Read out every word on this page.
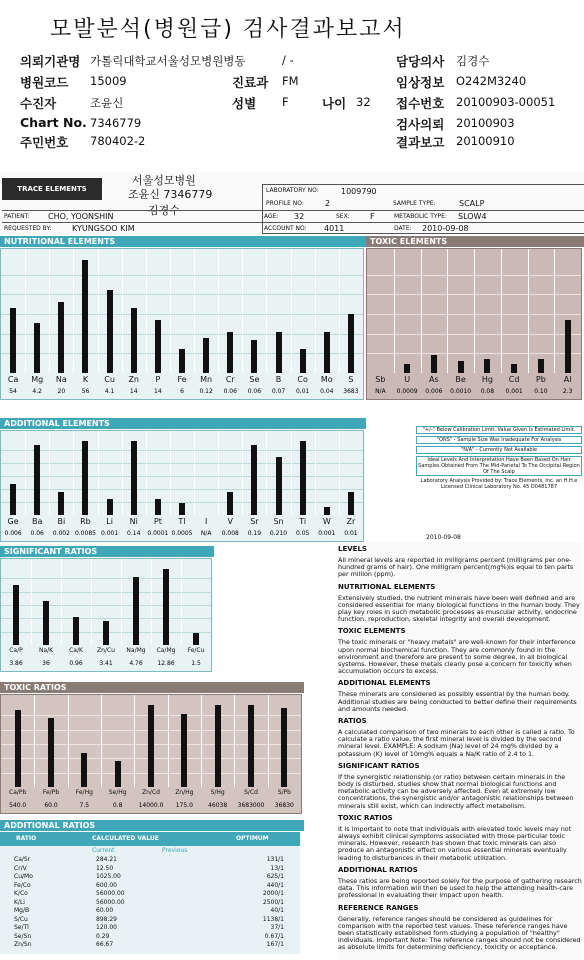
모발분석(병원급) 검사결과보고서
의뢰기관명 가톨릭대학교서울성모병원병동	/ -	담당의사 김경수
병원코드 15009	진료과 FM	임상정보 O242M3240
수진자	조윤신	성별 F	나이 32 접수번호 20100903-00051
Chart No. 7346779	검사의뢰 20100903
주민번호 780402-2	결과보고 20100910
TRACE ELEMENTS
서울성모병원
조윤신 7346779
김경수
LABORATORY NO:	1009790
PROFILE NO:	2	SAMPLE TYPE:	SCALP
PATIENT: CHO, YOONSHIN	AGE: 32	SEX:	F	METABOLIC TYPE: SLOW4
REQUESTED BY:	KYUNGSOO KIM	ACCOUNT NO: 4011	DATE: 2010-09-08
NUTRITIONAL ELEMENTS
Ca
54
Mg
4.2
Na
20
K
56
Cu
4.1
Zn
14
P
14
Fe
6
Mn
0.12
Cr
0.06
Se
0.06
B
0.07
Co
0.01
Mo
0.04
S
3683
TOXIC ELEMENTS
Sb
N/A
U
0.0009
As
0.006
Be
0.0010
Hg
0.08
Cd
0.001
Pb
0.10
Al
2.3
ADDITIONAL ELEMENTS
Ge
0.006
Ba
0.06
Bi
0.002
Rb
0.0085
Li
0.001
Ni
0.14
Pt
0.0001
Tl
0.0005
I
N/A
V
0.008
Sr
0.19
Sn
0.210
Ti
0.05
W
0.001
Zr
0.01
"+/-" Below Calibration Limit. Value Given Is Estimated Limit.
"QNS" - Sample Size Was Inadequate For Analysis
"N/A" - Currently Not Available
Ideal Levels And Interpretation Have Been Based On Hair Samples Obtained From The Mid-Parietal To The Occipital Region Of The Scalp
Laboratory Analysis Provided by: Trace Elements, Inc. an H.H.e Licensed Clinical Laboratory No. 45 D0481787
2010-09-08
SIGNIFICANT RATIOS
Ca/P
3.86
Na/K
36
Ca/K
0.96
Zn/Cu
3.41
Na/Mg
4.76
Ca/Mg
12.86
Fe/Cu
1.5
TOXIC RATIOS
Ca/Pb
540.0
Fe/Pb
60.0
Fe/Hg
7.5
Se/Hg
0.8
Zn/Cd
14000.0
Zn/Hg
175.0
S/Hg
46038
S/Cd
3683000
S/Pb
36830
ADDITIONAL RATIOS
RATIO	CALCULATED VALUE	OPTIMUM
Current	Previous
Ca/Sr	284.21	131/1
Cr/V	12.50	13/1
Cu/Mo	1025.00	625/1
Fe/Co	600.00	440/1
K/Co	56000.00	2000/1
K/Li	56000.00	2500/1
Mg/B	60.00	40/1
S/Cu	898.29	1138/1
Se/Tl	120.00	37/1
Se/Sn	0.29	0.67/1
Zn/Sn	66.67	167/1

LEVELS

All mineral levels are reported in milligrams percent (milligrams per one-hundred grams of hair). One milligram percent(mg%)is equal to ten parts per million (ppm).

NUTRITIONAL ELEMENTS

Extensively studied, the nutrient minerals have been well defined and are considered essential for many biological functions in the human body. They play key roles in such metabolic processes as muscular activity, endocrine function, reproduction, skeletal integrity and overall development.

TOXIC ELEMENTS

The toxic minerals or "heavy metals" are well-known for their interference upon normal biochemical function. They are commonly found in the environment and therefore are present to some degree, in all biological systems. However, these metals clearly pose a concern for toxicity when accumulation occurs to excess.

ADDITIONAL ELEMENTS

These minerals are considered as possibly essential by the human body. Additional studies are being conducted to better define their requirements and amounts needed.

RATIOS

A calculated comparison of two minerals to each other is called a ratio. To calculate a ratio value, the first mineral level is divided by the second mineral level. EXAMPLE: A sodium (Na) level of 24 mg% divided by a potassium (K) level of 10mg% equals a Na/K ratio of 2.4 to 1.

SIGNIFICANT RATIOS

If the synergistic relationship (or ratio) between certain minerals in the body is disturbed, studies show that normal biological functions and metabolic activity can be adversely affected. Even at extremely low concentrations, the synergistic and/or antagonistic relationships between minerals still exist, which can indirectly affect metabolism.

TOXIC RATIOS

It is important to note that individuals with elevated toxic levels may not always exhibit clinical symptoms associated with those particular toxic minerals. However, research has shown that toxic minerals can also produce an antagonistic effect on various essential minerals eventually leading to disturbances in their metabolic utilization.

ADDITIONAL RATIOS

These ratios are being reported solely for the purpose of gathering research data. This information will then be used to help the attending health-care professional in evaluating their impact upon health.

REFERENCE RANGES

Generally, reference ranges should be considered as guidelines for comparison with the reported test values. These reference ranges have been statistically established form studying a population of "healthy" individuals. Important Note: The reference ranges should not be considered as absolute limits for determining deficiency, toxicity or acceptance.
